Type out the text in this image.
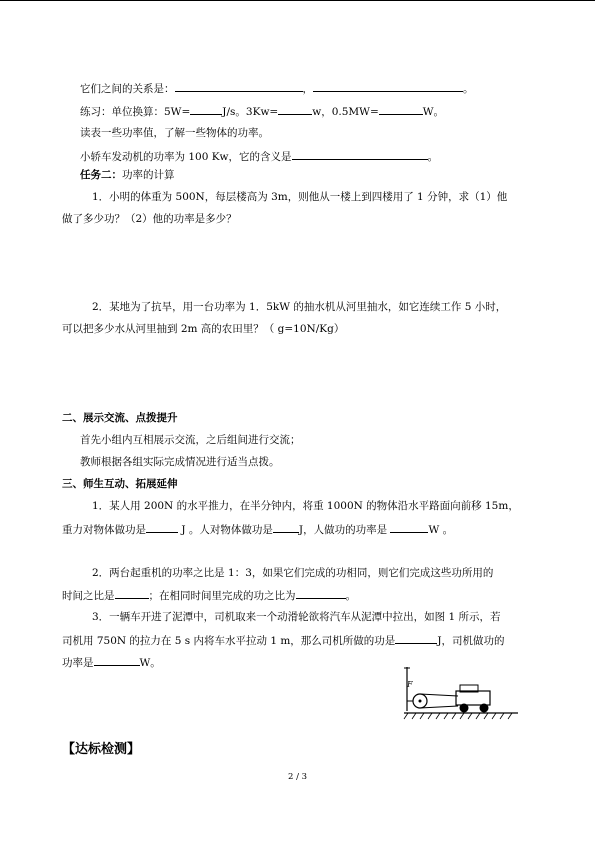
它们之间的关系是：	，	。
练习：单位换算：5W=	J/s。3Kw=	w，0.5MW=	W。
读表一些功率值，了解一些物体的功率。
小轿车发动机的功率为 100 Kw，它的含义是	。
任务二：功率的计算
1．小明的体重为 500N，每层楼高为 3m，则他从一楼上到四楼用了 1 分钟，求（1）他
做了多少功？（2）他的功率是多少？
2．某地为了抗旱，用一台功率为 1．5kW 的抽水机从河里抽水，如它连续工作 5 小时，
可以把多少水从河里抽到 2m 高的农田里？（ g=10N/Kg）
二、展示交流、点拨提升
首先小组内互相展示交流，之后组间进行交流；
教师根据各组实际完成情况进行适当点拨。
三、师生互动、拓展延伸
1．某人用 200N 的水平推力，在半分钟内，将重 1000N 的物体沿水平路面向前移 15m，
重力对物体做功是	J 。人对物体做功是 J，人做功的功率是	W 。
2．两台起重机的功率之比是 1：3，如果它们完成的功相同，则它们完成这些功所用的
时间之比是	；在相同时间里完成的功之比为	。
3．一辆车开进了泥潭中，司机取来一个动滑轮欲将汽车从泥潭中拉出，如图 1 所示，若
司机用 750N 的拉力在 5 s 内将车水平拉动 1 m，那么司机所做的功是	J，司机做功的
功率是	W。
F
【达标检测】
2 / 3
